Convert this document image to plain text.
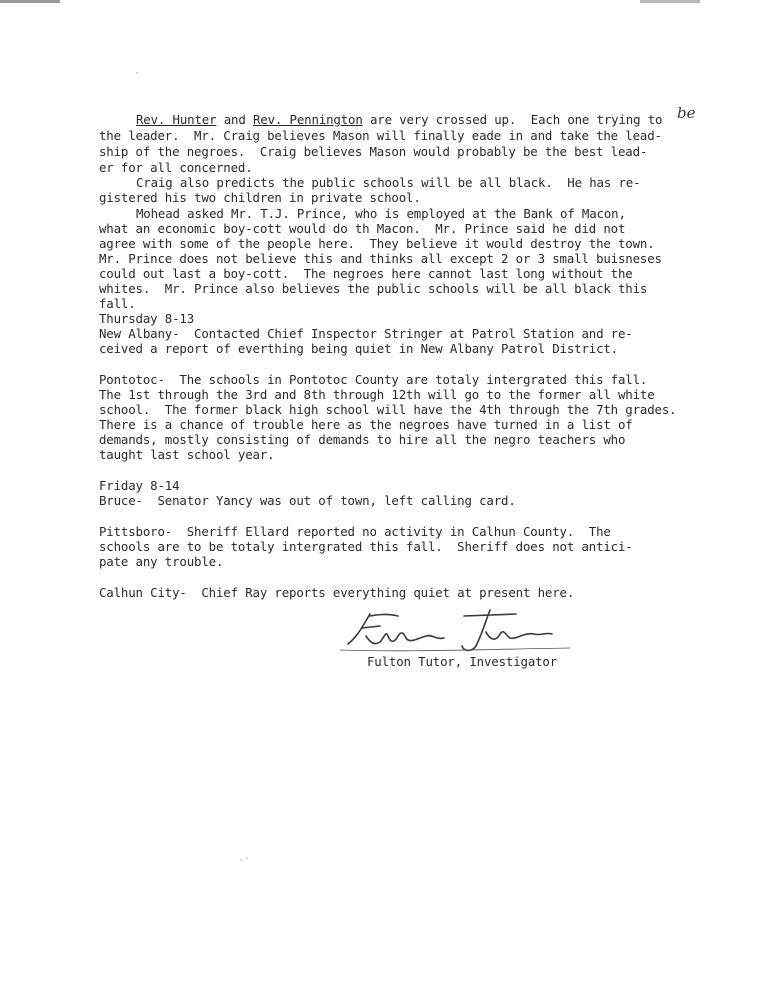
·
Rev. Hunter and Rev. Pennington are very crossed up.  Each one trying to be
the leader.  Mr. Craig believes Mason will finally eade in and take the lead-
ship of the negroes.  Craig believes Mason would probably be the best lead-
er for all concerned.
Craig also predicts the public schools will be all black.  He has re-
gistered his two children in private school.
Mohead asked Mr. T.J. Prince, who is employed at the Bank of Macon,
what an economic boy-cott would do th Macon.  Mr. Prince said he did not
agree with some of the people here.  They believe it would destroy the town.
Mr. Prince does not believe this and thinks all except 2 or 3 small buisneses
could out last a boy-cott.  The negroes here cannot last long without the
whites.  Mr. Prince also believes the public schools will be all black this
fall.
Thursday 8-13
New Albany-  Contacted Chief Inspector Stringer at Patrol Station and re-
ceived a report of everthing being quiet in New Albany Patrol District.
Pontotoc-  The schools in Pontotoc County are totaly intergrated this fall.
The 1st through the 3rd and 8th through 12th will go to the former all white
school.  The former black high school will have the 4th through the 7th grades.
There is a chance of trouble here as the negroes have turned in a list of
demands, mostly consisting of demands to hire all the negro teachers who
taught last school year.
Friday 8-14
Bruce-  Senator Yancy was out of town, left calling card.
Pittsboro-  Sheriff Ellard reported no activity in Calhun County.  The
schools are to be totaly intergrated this fall.  Sheriff does not antici-
pate any trouble.
Calhun City-  Chief Ray reports everything quiet at present here.
Fulton Tutor, Investigator
.-
